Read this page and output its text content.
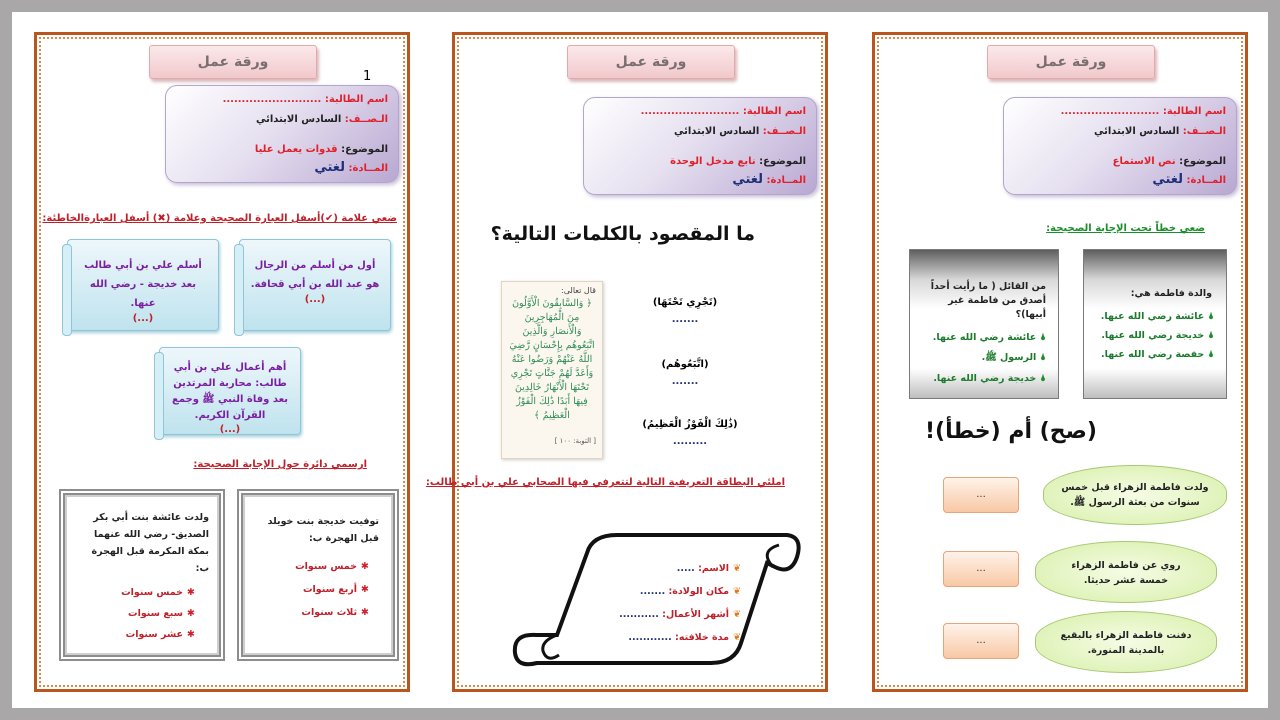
ورقة عمل
1
اسم الطالبة: ..........................
الـصــف: السادس الابتدائي
الموضوع: قدوات يعمل عليا
المــادة: لغتي
ضعي علامة (✔)أسفل العبارة الصحيحة وعلامة (✖) أسفل العبارةالخاطئة:
أول من أسلم من الرجال هو عبد الله بن أبي قحافة.
(...)
أسلم علي بن أبي طالب بعد خديجة - رضي الله عنها.
(...)
أهم أعمال علي بن أبي طالب: محاربة المرتدين بعد وفاة النبي ﷺ وجمع القرآن الكريم.
(...)
ارسمي دائرة حول الإجابة الصحيحة:
توفيت خديجة بنت خويلد قبل الهجرة ب:
✱خمس سنوات
✱أربع سنوات
✱ثلاث سنوات
ولدت عائشة بنت أبي بكر الصديق- رضي الله عنهما بمكة المكرمة قبل الهجرة ب:
✱خمس سنوات
✱سبع سنوات
✱عشر سنوات
ورقة عمل
اسم الطالبة: ..........................
الـصــف: السادس الابتدائي
الموضوع: نابع مدخل الوحدة
المــادة: لغتي
ما المقصود بالكلمات التالية؟
قال تعالى:
﴿ وَالسَّابِقُونَ الْأَوَّلُونَ مِنَ الْمُهَاجِرِينَ وَالْأَنصَارِ وَالَّذِينَ اتَّبَعُوهُم بِإِحْسَانٍ رَّضِيَ اللَّهُ عَنْهُمْ وَرَضُوا عَنْهُ وَأَعَدَّ لَهُمْ جَنَّاتٍ تَجْرِي تَحْتَهَا الْأَنْهَارُ خَالِدِينَ فِيهَا أَبَدًا ذَٰلِكَ الْفَوْزُ الْعَظِيمُ ﴾
[ التوبة: ١٠٠ ]
(تَجْرِي تَحْتَهَا)
.......
(اتَّبَعُوهُم)
.......
(ذَٰلِكَ الْفَوْزُ الْعَظِيمُ)
.........
املئي البطاقة التعريفية التالية لتتعرفي فيها الصحابي علي بن أبي طالب:
❦الاسم: .....
❦مكان الولادة: .......
❦أشهر الأعمال: ...........
❦مدة خلافته: ............
ورقة عمل
اسم الطالبة: ..........................
الـصــف: السادس الابتدائي
الموضوع: نص الاستماع
المــادة: لغتي
ضعي خطاً تحت الإجابة الصحيحة:
والدة فاطمة هي:
🌢عائشة رضي الله عنها.
🌢خديجة رضي الله عنها.
🌢حفصة رضي الله عنها.
من القائل ( ما رأيت أحداً أصدق من فاطمة غير أبيها)؟
🌢عائشة رضي الله عنها.
🌢الرسول ﷺ.
🌢خديجة رضي الله عنها.
(صح) أم (خطأ)!
ولدت فاطمة الزهراء قبل خمس سنوات من بعثة الرسول ﷺ.
...
روي عن فاطمة الزهراء خمسة عشر حديثا.
...
دفنت فاطمة الزهراء بالبقيع بالمدينة المنورة.
...
